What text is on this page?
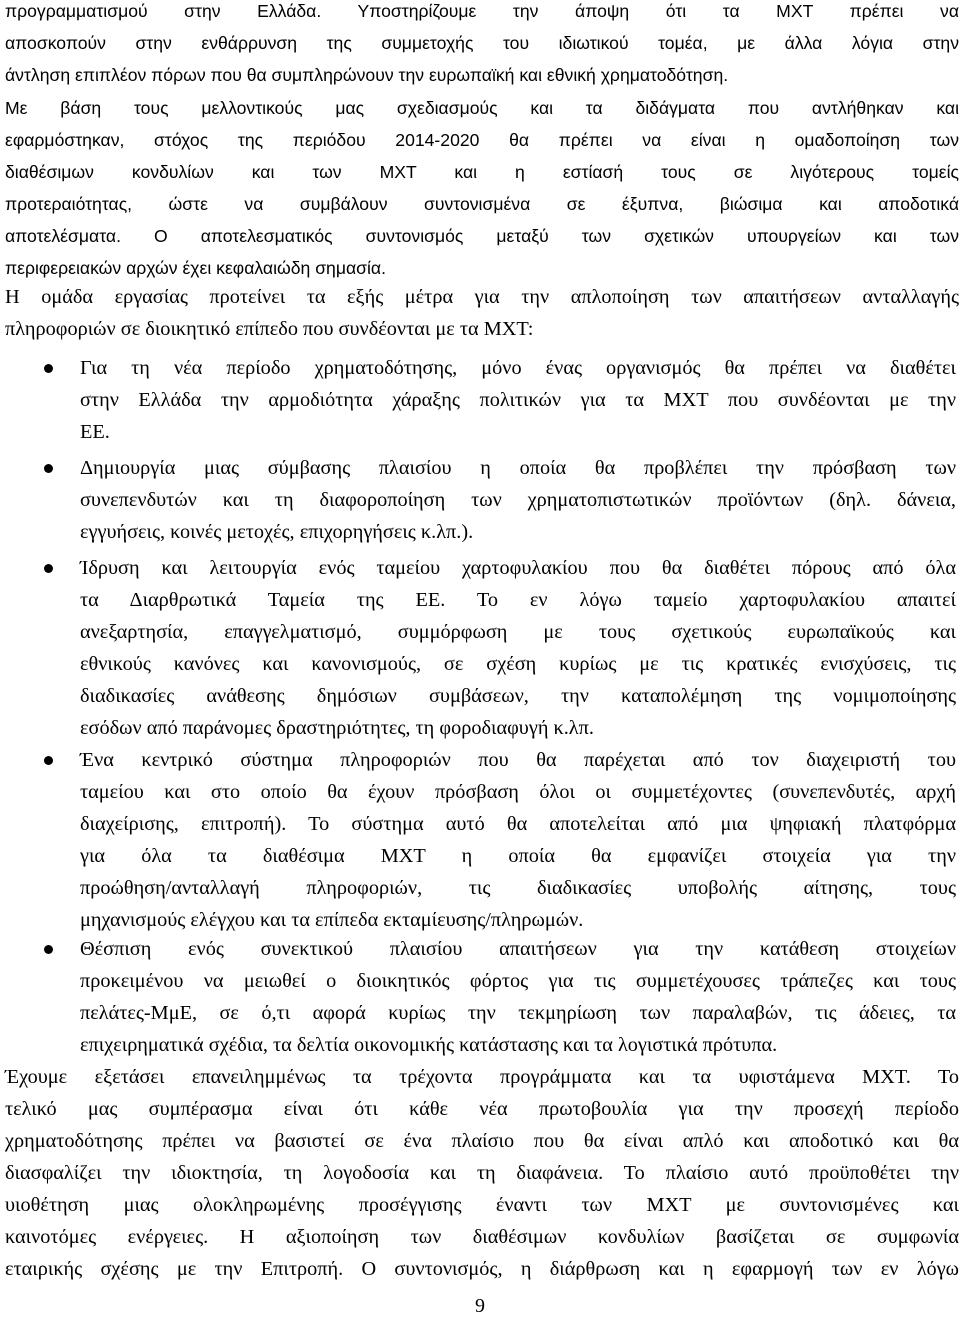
προγραμματισμού στην Ελλάδα. Υποστηρίζουμε την άποψη ότι τα ΜΧΤ πρέπει να
αποσκοπούν στην ενθάρρυνση της συμμετοχής του ιδιωτικού τομέα, με άλλα λόγια στην
άντληση επιπλέον πόρων που θα συμπληρώνουν την ευρωπαϊκή και εθνική χρηματοδότηση.
Με βάση τους μελλοντικούς μας σχεδιασμούς και τα διδάγματα που αντλήθηκαν και
εφαρμόστηκαν, στόχος της περιόδου 2014-2020 θα πρέπει να είναι η ομαδοποίηση των
διαθέσιμων κονδυλίων και των ΜΧΤ και η εστίασή τους σε λιγότερους τομείς
προτεραιότητας, ώστε να συμβάλουν συντονισμένα σε έξυπνα, βιώσιμα και αποδοτικά
αποτελέσματα. Ο αποτελεσματικός συντονισμός μεταξύ των σχετικών υπουργείων και των
περιφερειακών αρχών έχει κεφαλαιώδη σημασία.
Η ομάδα εργασίας προτείνει τα εξής μέτρα για την απλοποίηση των απαιτήσεων ανταλλαγής
πληροφοριών σε διοικητικό επίπεδο που συνδέονται με τα ΜΧΤ:
Για τη νέα περίοδο χρηματοδότησης, μόνο ένας οργανισμός θα πρέπει να διαθέτει
στην Ελλάδα την αρμοδιότητα χάραξης πολιτικών για τα ΜΧΤ που συνδέονται με την
ΕΕ.
Δημιουργία μιας σύμβασης πλαισίου η οποία θα προβλέπει την πρόσβαση των
συνεπενδυτών και τη διαφοροποίηση των χρηματοπιστωτικών προϊόντων (δηλ. δάνεια,
εγγυήσεις, κοινές μετοχές, επιχορηγήσεις κ.λπ.).
Ίδρυση και λειτουργία ενός ταμείου χαρτοφυλακίου που θα διαθέτει πόρους από όλα
τα Διαρθρωτικά Ταμεία της ΕΕ. Το εν λόγω ταμείο χαρτοφυλακίου απαιτεί
ανεξαρτησία, επαγγελματισμό, συμμόρφωση με τους σχετικούς ευρωπαϊκούς και
εθνικούς κανόνες και κανονισμούς, σε σχέση κυρίως με τις κρατικές ενισχύσεις, τις
διαδικασίες ανάθεσης δημόσιων συμβάσεων, την καταπολέμηση της νομιμοποίησης
εσόδων από παράνομες δραστηριότητες, τη φοροδιαφυγή κ.λπ.
Ένα κεντρικό σύστημα πληροφοριών που θα παρέχεται από τον διαχειριστή του
ταμείου και στο οποίο θα έχουν πρόσβαση όλοι οι συμμετέχοντες (συνεπενδυτές, αρχή
διαχείρισης, επιτροπή). Το σύστημα αυτό θα αποτελείται από μια ψηφιακή πλατφόρμα
για όλα τα διαθέσιμα ΜΧΤ η οποία θα εμφανίζει στοιχεία για την
προώθηση/ανταλλαγή πληροφοριών, τις διαδικασίες υποβολής αίτησης, τους
μηχανισμούς ελέγχου και τα επίπεδα εκταμίευσης/πληρωμών.
Θέσπιση ενός συνεκτικού πλαισίου απαιτήσεων για την κατάθεση στοιχείων
προκειμένου να μειωθεί ο διοικητικός φόρτος για τις συμμετέχουσες τράπεζες και τους
πελάτες-ΜμΕ, σε ό,τι αφορά κυρίως την τεκμηρίωση των παραλαβών, τις άδειες, τα
επιχειρηματικά σχέδια, τα δελτία οικονομικής κατάστασης και τα λογιστικά πρότυπα.
Έχουμε εξετάσει επανειλημμένως τα τρέχοντα προγράμματα και τα υφιστάμενα ΜΧΤ. Το
τελικό μας συμπέρασμα είναι ότι κάθε νέα πρωτοβουλία για την προσεχή περίοδο
χρηματοδότησης πρέπει να βασιστεί σε ένα πλαίσιο που θα είναι απλό και αποδοτικό και θα
διασφαλίζει την ιδιοκτησία, τη λογοδοσία και τη διαφάνεια. Το πλαίσιο αυτό προϋποθέτει την
υιοθέτηση μιας ολοκληρωμένης προσέγγισης έναντι των ΜΧΤ με συντονισμένες και
καινοτόμες ενέργειες. Η αξιοποίηση των διαθέσιμων κονδυλίων βασίζεται σε συμφωνία
εταιρικής σχέσης με την Επιτροπή. Ο συντονισμός, η διάρθρωση και η εφαρμογή των εν λόγω
9
